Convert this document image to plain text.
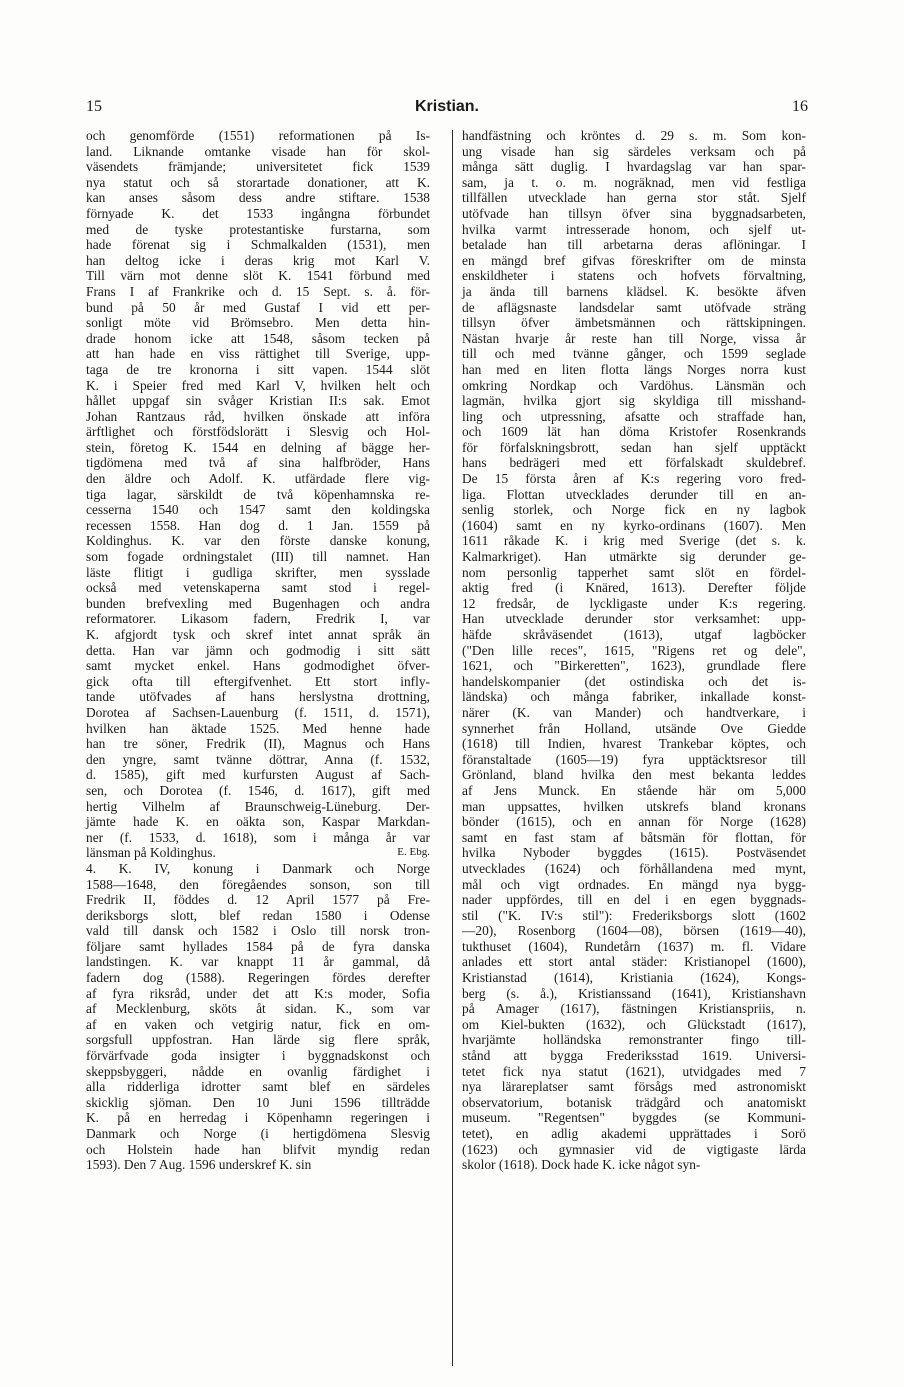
15	Kristian.	16
och genomförde (1551) reformationen på Is-
land. Liknande omtanke visade han för skol-
väsendets främjande; universitetet fick 1539
nya statut och så storartade donationer, att K.
kan anses såsom dess andre stiftare. 1538
förnyade K. det 1533 ingångna förbundet
med de tyske protestantiske furstarna, som
hade förenat sig i Schmalkalden (1531), men
han deltog icke i deras krig mot Karl V.
Till värn mot denne slöt K. 1541 förbund med
Frans I af Frankrike och d. 15 Sept. s. å. för-
bund på 50 år med Gustaf I vid ett per-
sonligt möte vid Brömsebro. Men detta hin-
drade honom icke att 1548, såsom tecken på
att han hade en viss rättighet till Sverige, upp-
taga de tre kronorna i sitt vapen. 1544 slöt
K. i Speier fred med Karl V, hvilken helt och
hållet uppgaf sin svåger Kristian II:s sak. Emot
Johan Rantzaus råd, hvilken önskade att införa
ärftlighet och förstfödslorätt i Slesvig och Hol-
stein, företog K. 1544 en delning af bägge her-
tigdömena med två af sina halfbröder, Hans
den äldre och Adolf. K. utfärdade flere vig-
tiga lagar, särskildt de två köpenhamnska re-
cesserna 1540 och 1547 samt den koldingska
recessen 1558. Han dog d. 1 Jan. 1559 på
Koldinghus. K. var den förste danske konung,
som fogade ordningstalet (III) till namnet. Han
läste flitigt i gudliga skrifter, men sysslade
också med vetenskaperna samt stod i regel-
bunden brefvexling med Bugenhagen och andra
reformatorer. Likasom fadern, Fredrik I, var
K. afgjordt tysk och skref intet annat språk än
detta. Han var jämn och godmodig i sitt sätt
samt mycket enkel. Hans godmodighet öfver-
gick ofta till eftergifvenhet. Ett stort infly-
tande utöfvades af hans herslystna drottning,
Dorotea af Sachsen-Lauenburg (f. 1511, d. 1571),
hvilken han äktade 1525. Med henne hade
han tre söner, Fredrik (II), Magnus och Hans
den yngre, samt tvänne döttrar, Anna (f. 1532,
d. 1585), gift med kurfursten August af Sach-
sen, och Dorotea (f. 1546, d. 1617), gift med
hertig Vilhelm af Braunschweig-Lüneburg. Der-
jämte hade K. en oäkta son, Kaspar Markdan-
ner (f. 1533, d. 1618), som i många år var
länsman på Koldinghus.	E. Ebg.
4. K. IV, konung i Danmark och Norge
1588—1648, den föregåendes sonson, son till
Fredrik II, föddes d. 12 April 1577 på Fre-
deriksborgs slott, blef redan 1580 i Odense
vald till dansk och 1582 i Oslo till norsk tron-
följare samt hyllades 1584 på de fyra danska
landstingen. K. var knappt 11 år gammal, då
fadern dog (1588). Regeringen fördes derefter
af fyra riksråd, under det att K:s moder, Sofia
af Mecklenburg, sköts åt sidan. K., som var
af en vaken och vetgirig natur, fick en om-
sorgsfull uppfostran. Han lärde sig flere språk,
förvärfvade goda insigter i byggnadskonst och
skeppsbyggeri, nådde en ovanlig färdighet i
alla ridderliga idrotter samt blef en särdeles
skicklig sjöman. Den 10 Juni 1596 tillträdde
K. på en herredag i Köpenhamn regeringen i
Danmark och Norge (i hertigdömena Slesvig
och Holstein hade han blifvit myndig redan
1593). Den 7 Aug. 1596 underskref K. sin
handfästning och kröntes d. 29 s. m. Som kon-
ung visade han sig särdeles verksam och på
många sätt duglig. I hvardagslag var han spar-
sam, ja t. o. m. nogräknad, men vid festliga
tillfällen utvecklade han gerna stor ståt. Sjelf
utöfvade han tillsyn öfver sina byggnadsarbeten,
hvilka varmt intresserade honom, och sjelf ut-
betalade han till arbetarna deras aflöningar. I
en mängd bref gifvas föreskrifter om de minsta
enskildheter i statens och hofvets förvaltning,
ja ända till barnens klädsel. K. besökte äfven
de aflägsnaste landsdelar samt utöfvade sträng
tillsyn öfver ämbetsmännen och rättskipningen.
Nästan hvarje år reste han till Norge, vissa år
till och med tvänne gånger, och 1599 seglade
han med en liten flotta längs Norges norra kust
omkring Nordkap och Vardöhus. Länsmän och
lagmän, hvilka gjort sig skyldiga till misshand-
ling och utpressning, afsatte och straffade han,
och 1609 lät han döma Kristofer Rosenkrands
för förfalskningsbrott, sedan han sjelf upptäckt
hans bedrägeri med ett förfalskadt skuldebref.
De 15 första åren af K:s regering voro fred-
liga. Flottan utvecklades derunder till en an-
senlig storlek, och Norge fick en ny lagbok
(1604) samt en ny kyrko-ordinans (1607). Men
1611 råkade K. i krig med Sverige (det s. k.
Kalmarkriget). Han utmärkte sig derunder ge-
nom personlig tapperhet samt slöt en fördel-
aktig fred (i Knäred, 1613). Derefter följde
12 fredsår, de lyckligaste under K:s regering.
Han utvecklade derunder stor verksamhet: upp-
häfde skråväsendet (1613), utgaf lagböcker
("Den lille reces", 1615, "Rigens ret og dele",
1621, och "Birkeretten", 1623), grundlade flere
handelskompanier (det ostindiska och det is-
ländska) och många fabriker, inkallade konst-
närer (K. van Mander) och handtverkare, i
synnerhet från Holland, utsände Ove Giedde
(1618) till Indien, hvarest Trankebar köptes, och
föranstaltade (1605—19) fyra upptäcktsresor till
Grönland, bland hvilka den mest bekanta leddes
af Jens Munck. En stående här om 5,000
man uppsattes, hvilken utskrefs bland kronans
bönder (1615), och en annan för Norge (1628)
samt en fast stam af båtsmän för flottan, för
hvilka Nyboder byggdes (1615). Postväsendet
utvecklades (1624) och förhållandena med mynt,
mål och vigt ordnades. En mängd nya bygg-
nader uppfördes, till en del i en egen byggnads-
stil ("K. IV:s stil"): Frederiksborgs slott (1602
—20), Rosenborg (1604—08), börsen (1619—40),
tukthuset (1604), Rundetårn (1637) m. fl. Vidare
anlades ett stort antal städer: Kristianopel (1600),
Kristianstad (1614), Kristiania (1624), Kongs-
berg (s. å.), Kristianssand (1641), Kristianshavn
på Amager (1617), fästningen Kristianspriis, n.
om Kiel-bukten (1632), och Glückstadt (1617),
hvarjämte holländska remonstranter fingo till-
stånd att bygga Frederiksstad 1619. Universi-
tetet fick nya statut (1621), utvidgades med 7
nya lärareplatser samt försågs med astronomiskt
observatorium, botanisk trädgård och anatomiskt
museum. "Regentsen" byggdes (se Kommuni-
tetet), en adlig akademi upprättades i Sorö
(1623) och gymnasier vid de vigtigaste lärda
skolor (1618). Dock hade K. icke något syn-
